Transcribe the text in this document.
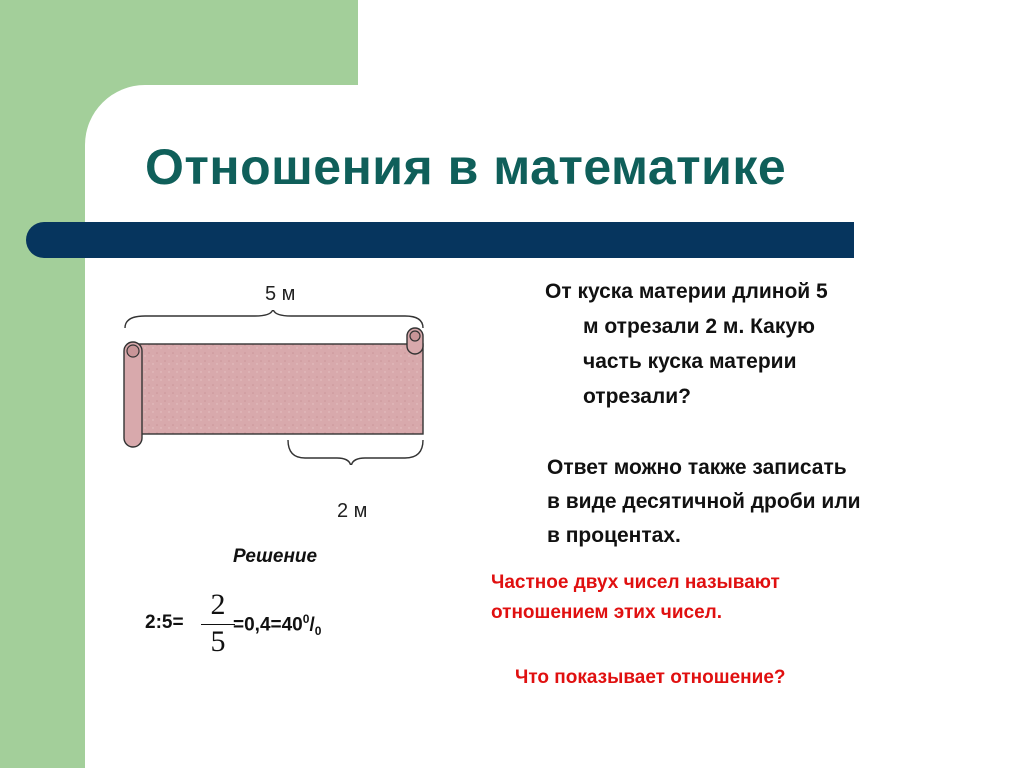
Отношения в математике
5 м
2 м
От куска материи длиной 5
м отрезали 2 м. Какую
часть куска материи
отрезали?
Ответ можно также записать
в виде десятичной дроби или
в процентах.
Решение
2:5=
2
5
$=0,4=40^0/_0$
Частное двух чисел называют
отношением этих чисел.
Что показывает отношение?
